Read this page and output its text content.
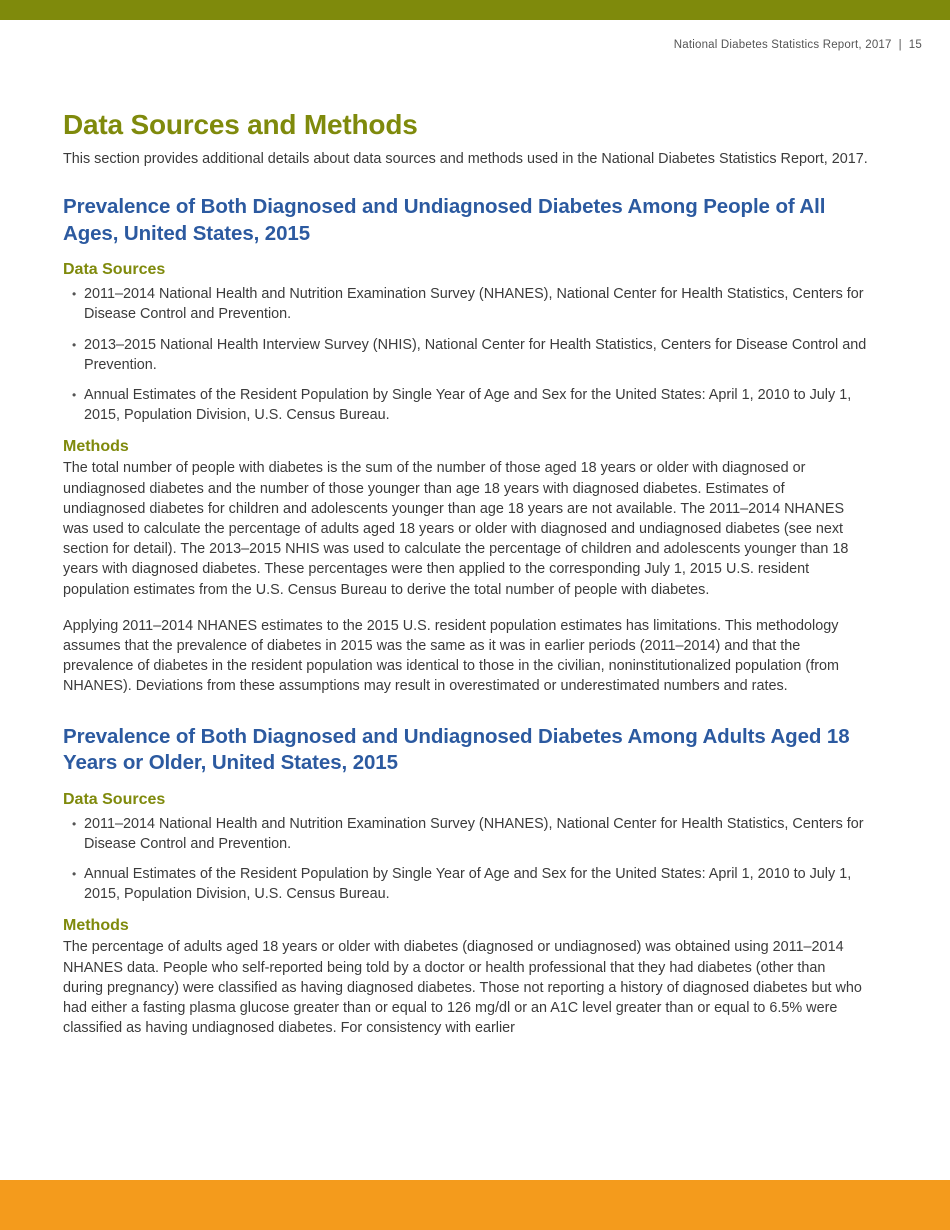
National Diabetes Statistics Report, 2017 | 15
Data Sources and Methods

This section provides additional details about data sources and methods used in the National Diabetes Statistics Report, 2017.

Prevalence of Both Diagnosed and Undiagnosed Diabetes Among People of All Ages, United States, 2015
Data Sources
• 2011–2014 National Health and Nutrition Examination Survey (NHANES), National Center for Health Statistics, Centers for Disease Control and Prevention.
• 2013–2015 National Health Interview Survey (NHIS), National Center for Health Statistics, Centers for Disease Control and Prevention.
• Annual Estimates of the Resident Population by Single Year of Age and Sex for the United States: April 1, 2010 to July 1, 2015, Population Division, U.S. Census Bureau.
Methods

The total number of people with diabetes is the sum of the number of those aged 18 years or older with diagnosed or undiagnosed diabetes and the number of those younger than age 18 years with diagnosed diabetes. Estimates of undiagnosed diabetes for children and adolescents younger than age 18 years are not available. The 2011–2014 NHANES was used to calculate the percentage of adults aged 18 years or older with diagnosed and undiagnosed diabetes (see next section for detail). The 2013–2015 NHIS was used to calculate the percentage of children and adolescents younger than 18 years with diagnosed diabetes. These percentages were then applied to the corresponding July 1, 2015 U.S. resident population estimates from the U.S. Census Bureau to derive the total number of people with diabetes.

Applying 2011–2014 NHANES estimates to the 2015 U.S. resident population estimates has limitations. This methodology assumes that the prevalence of diabetes in 2015 was the same as it was in earlier periods (2011–2014) and that the prevalence of diabetes in the resident population was identical to those in the civilian, noninstitutionalized population (from NHANES). Deviations from these assumptions may result in overestimated or underestimated numbers and rates.

Prevalence of Both Diagnosed and Undiagnosed Diabetes Among Adults Aged 18 Years or Older, United States, 2015
Data Sources
• 2011–2014 National Health and Nutrition Examination Survey (NHANES), National Center for Health Statistics, Centers for Disease Control and Prevention.
• Annual Estimates of the Resident Population by Single Year of Age and Sex for the United States: April 1, 2010 to July 1, 2015, Population Division, U.S. Census Bureau.
Methods

The percentage of adults aged 18 years or older with diabetes (diagnosed or undiagnosed) was obtained using 2011–2014 NHANES data. People who self-reported being told by a doctor or health professional that they had diabetes (other than during pregnancy) were classified as having diagnosed diabetes. Those not reporting a history of diagnosed diabetes but who had either a fasting plasma glucose greater than or equal to 126 mg/dl or an A1C level greater than or equal to 6.5% were classified as having undiagnosed diabetes. For consistency with earlier
